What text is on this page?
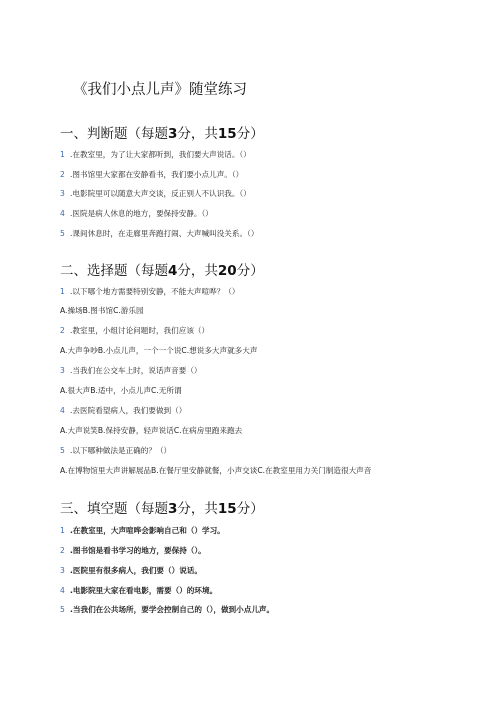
《我们小点儿声》随堂练习
一、判断题（每题3分，共15分）
1 .在教室里，为了让大家都听到，我们要大声说话。（）
2 .图书馆里大家都在安静看书，我们要小点儿声。（）
3 .电影院里可以随意大声交谈，反正别人不认识我。（）
4 .医院是病人休息的地方，要保持安静。（）
5 .课间休息时，在走廊里奔跑打闹、大声喊叫没关系。（）
二、选择题（每题4分，共20分）
1 .以下哪个地方需要特别安静，不能大声喧哗？（）
A.操场B.图书馆C.游乐园
2 .教室里，小组讨论问题时，我们应该（）
A.大声争吵B.小点儿声，一个一个说C.想说多大声就多大声
3 .当我们在公交车上时，说话声音要（）
A.很大声B.适中，小点儿声C.无所谓
4 .去医院看望病人，我们要做到（）
A.大声说笑B.保持安静，轻声说话C.在病房里跑来跑去
5 .以下哪种做法是正确的？（）
A.在博物馆里大声讲解展品B.在餐厅里安静就餐，小声交谈C.在教室里用力关门制造很大声音
三、填空题（每题3分，共15分）
1 .在教室里，大声喧哗会影响自己和（）学习。
2 .图书馆是看书学习的地方，要保持（）。
3 .医院里有很多病人，我们要（）说话。
4 .电影院里大家在看电影，需要（）的环境。
5 .当我们在公共场所，要学会控制自己的（），做到小点儿声。
